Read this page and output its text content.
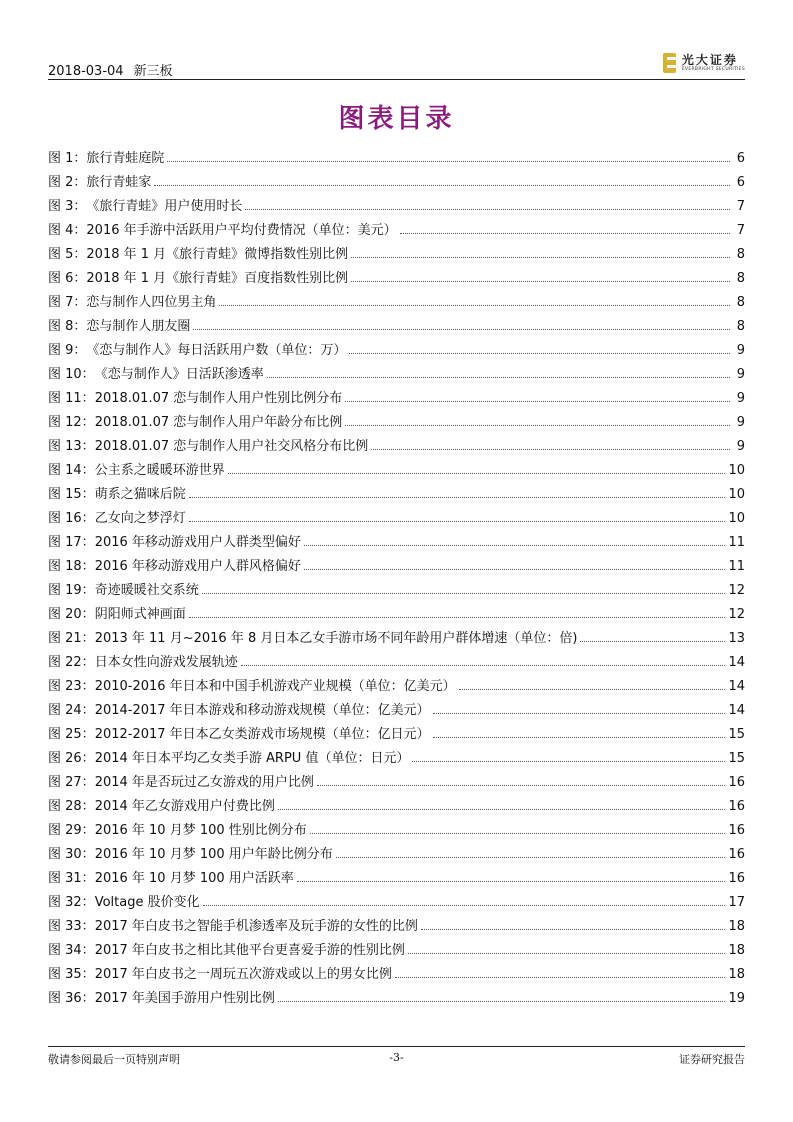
2018-03-04 新三板
光大证券
EVERBRIGHT SECURITIES
图表目录
图 1： 旅行青蛙庭院	6
图 2： 旅行青蛙家	6
图 3： 《旅行青蛙》用户使用时长	7
图 4： 2016 年手游中活跃用户平均付费情况（单位：美元）	7
图 5： 2018 年 1 月《旅行青蛙》微博指数性别比例	8
图 6： 2018 年 1 月《旅行青蛙》百度指数性别比例	8
图 7： 恋与制作人四位男主角	8
图 8： 恋与制作人朋友圈	8
图 9： 《恋与制作人》每日活跃用户数（单位：万）	9
图 10： 《恋与制作人》日活跃渗透率	9
图 11： 2018.01.07 恋与制作人用户性别比例分布	9
图 12： 2018.01.07 恋与制作人用户年龄分布比例	9
图 13： 2018.01.07 恋与制作人用户社交风格分布比例	9
图 14： 公主系之暖暖环游世界	10
图 15： 萌系之猫咪后院	10
图 16： 乙女向之梦浮灯	10
图 17： 2016 年移动游戏用户人群类型偏好	11
图 18： 2016 年移动游戏用户人群风格偏好	11
图 19： 奇迹暖暖社交系统	12
图 20： 阴阳师式神画面	12
图 21： 2013 年 11 月~2016 年 8 月日本乙女手游市场不同年龄用户群体增速（单位：倍)	13
图 22： 日本女性向游戏发展轨迹	14
图 23： 2010-2016 年日本和中国手机游戏产业规模（单位：亿美元）	14
图 24： 2014-2017 年日本游戏和移动游戏规模（单位：亿美元）	14
图 25： 2012-2017 年日本乙女类游戏市场规模（单位：亿日元）	15
图 26： 2014 年日本平均乙女类手游 ARPU 值（单位：日元）	15
图 27： 2014 年是否玩过乙女游戏的用户比例	16
图 28： 2014 年乙女游戏用户付费比例	16
图 29： 2016 年 10 月梦 100 性别比例分布	16
图 30： 2016 年 10 月梦 100 用户年龄比例分布	16
图 31： 2016 年 10 月梦 100 用户活跃率	16
图 32： Voltage 股价变化	17
图 33： 2017 年白皮书之智能手机渗透率及玩手游的女性的比例	18
图 34： 2017 年白皮书之相比其他平台更喜爱手游的性别比例	18
图 35： 2017 年白皮书之一周玩五次游戏或以上的男女比例	18
图 36： 2017 年美国手游用户性别比例	19
敬请参阅最后一页特别声明	-3-	证券研究报告
